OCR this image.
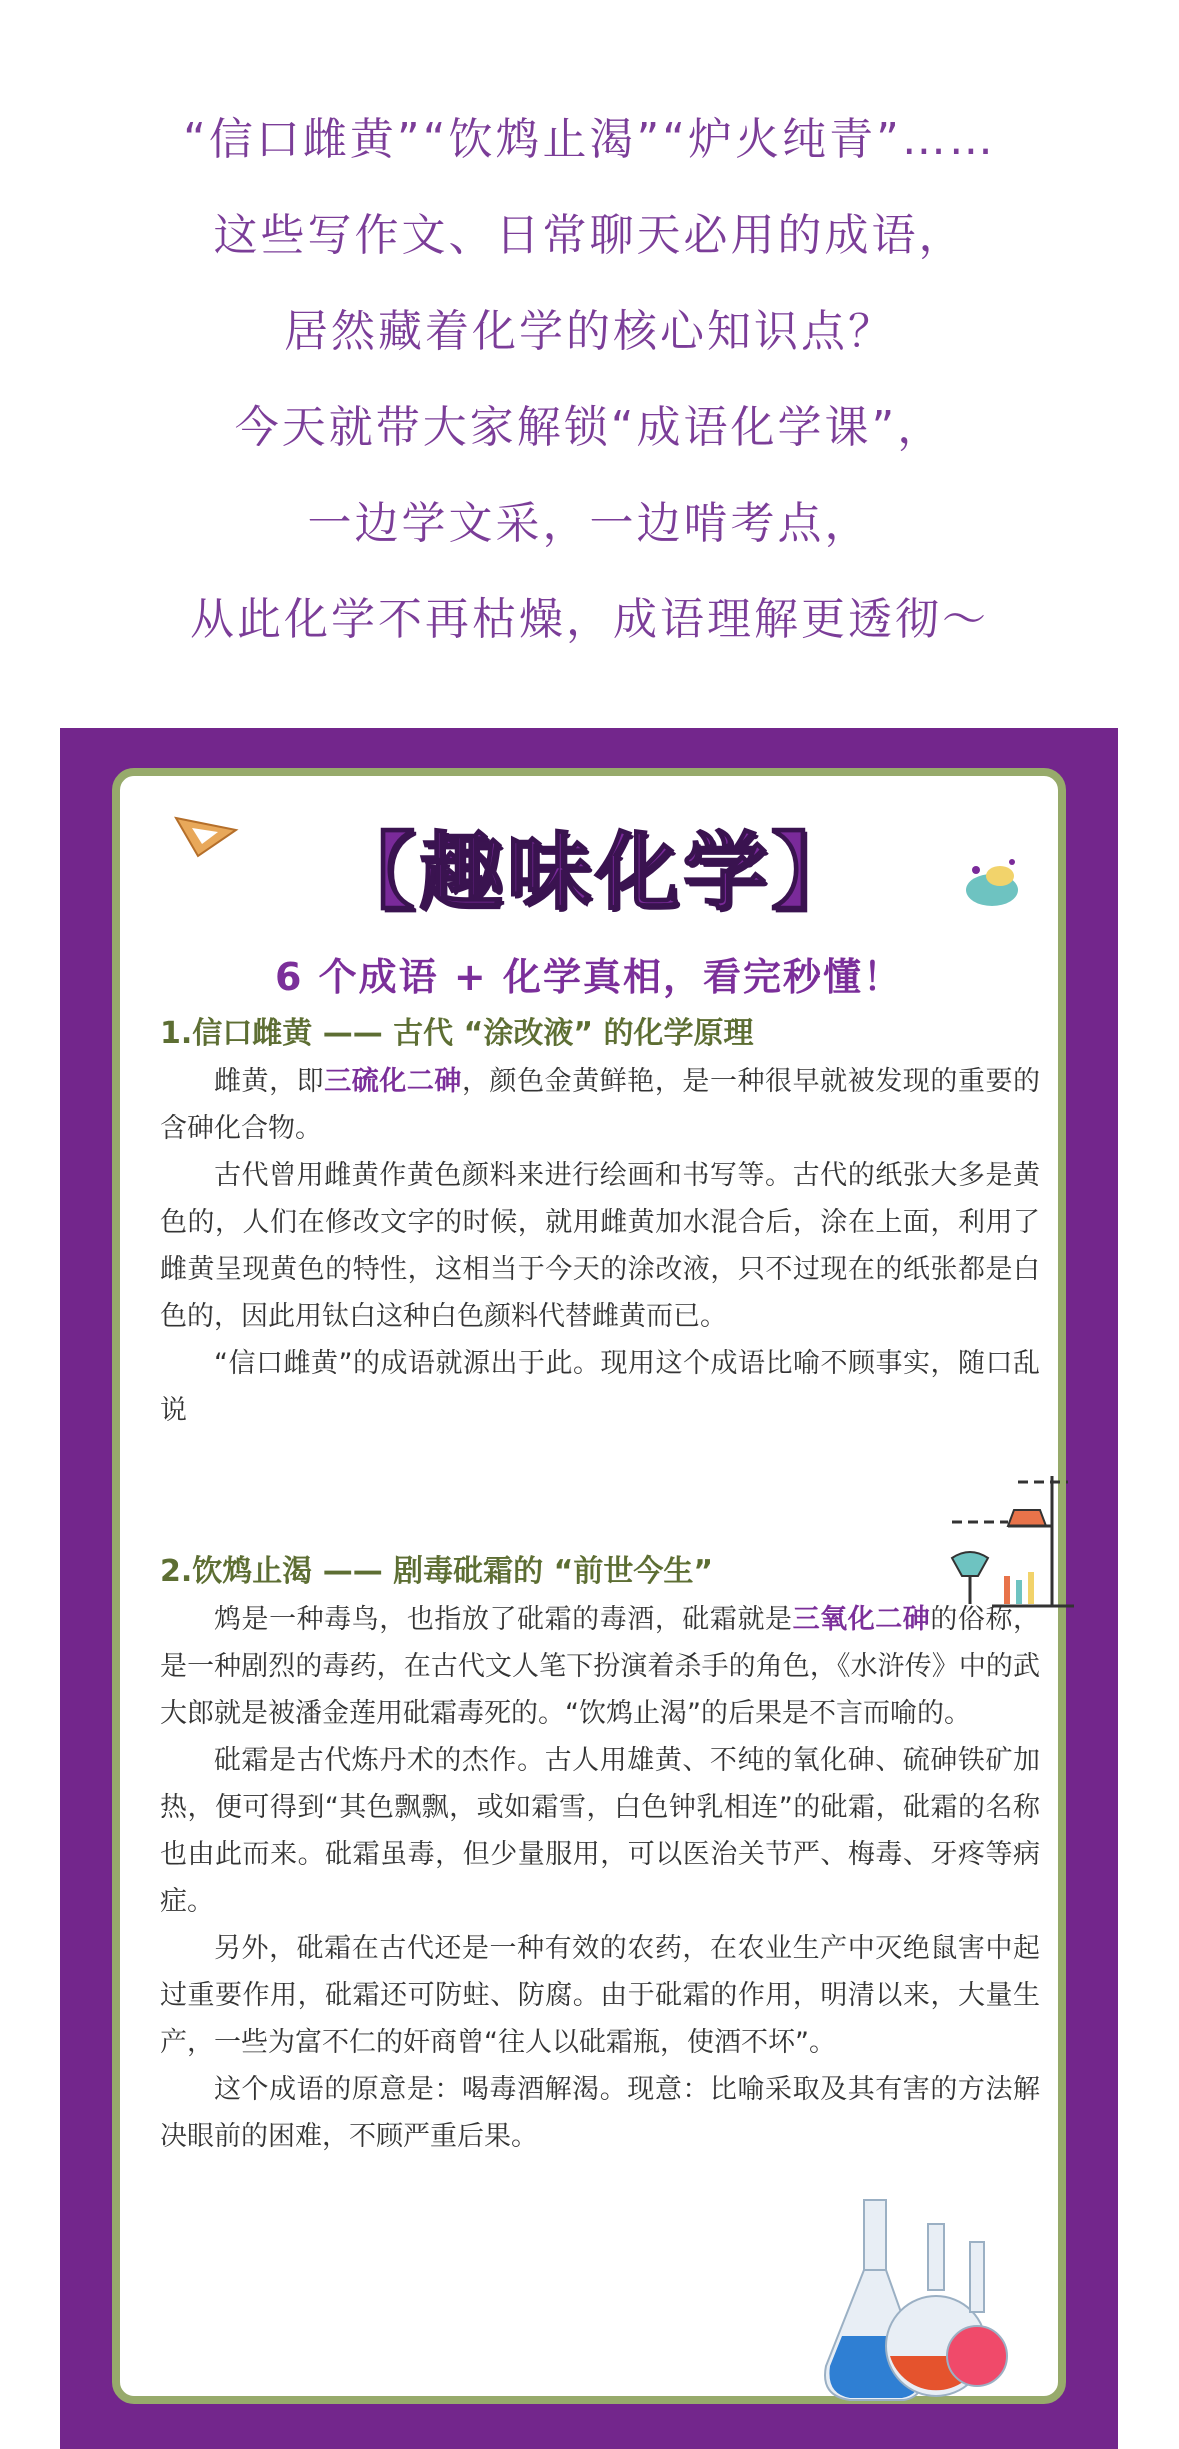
“信口雌黄”“饮鸩止渴”“炉火纯青”……

这些写作文、日常聊天必用的成语，

居然藏着化学的核心知识点？

今天就带大家解锁“成语化学课”，

一边学文采，一边啃考点，

从此化学不再枯燥，成语理解更透彻～

【趣味化学】
6 个成语 + 化学真相，看完秒懂！

1.信口雌黄 —— 古代 “涂改液” 的化学原理

雌黄，即三硫化二砷，颜色金黄鲜艳，是一种很早就被发现的重要的含砷化合物。

古代曾用雌黄作黄色颜料来进行绘画和书写等。古代的纸张大多是黄色的，人们在修改文字的时候，就用雌黄加水混合后，涂在上面，利用了雌黄呈现黄色的特性，这相当于今天的涂改液，只不过现在的纸张都是白色的，因此用钛白这种白色颜料代替雌黄而已。

“信口雌黄”的成语就源出于此。现用这个成语比喻不顾事实，随口乱说

2.饮鸩止渴 —— 剧毒砒霜的 “前世今生”

鸩是一种毒鸟，也指放了砒霜的毒酒，砒霜就是三氧化二砷的俗称，是一种剧烈的毒药，在古代文人笔下扮演着杀手的角色，《水浒传》中的武大郎就是被潘金莲用砒霜毒死的。“饮鸩止渴”的后果是不言而喻的。

砒霜是古代炼丹术的杰作。古人用雄黄、不纯的氧化砷、硫砷铁矿加热，便可得到“其色飘飘，或如霜雪，白色钟乳相连”的砒霜，砒霜的名称也由此而来。砒霜虽毒，但少量服用，可以医治关节严、梅毒、牙疼等病症。

另外，砒霜在古代还是一种有效的农药，在农业生产中灭绝鼠害中起过重要作用，砒霜还可防蛀、防腐。由于砒霜的作用，明清以来，大量生产，一些为富不仁的奸商曾“往人以砒霜瓶，使酒不坏”。

这个成语的原意是：喝毒酒解渴。现意：比喻采取及其有害的方法解决眼前的困难，不顾严重后果。
